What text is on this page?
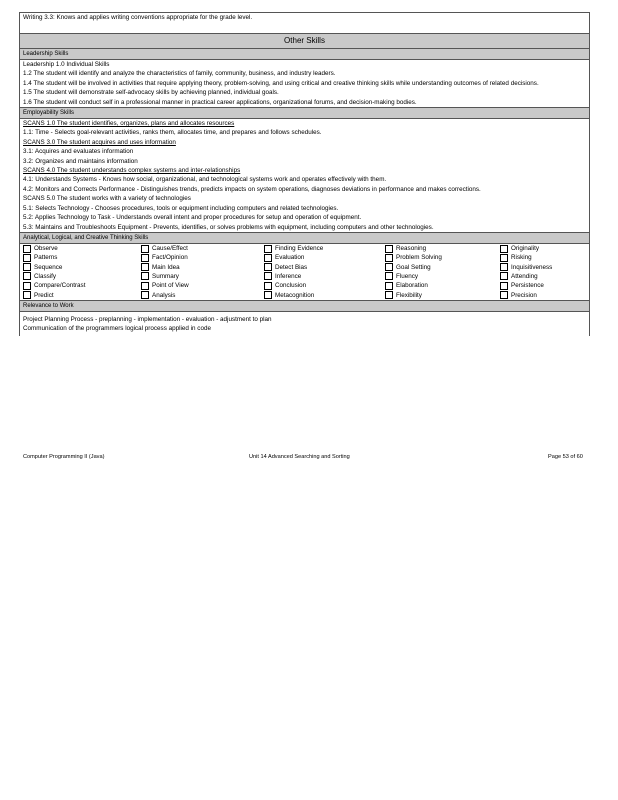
Writing 3.3: Knows and applies writing conventions appropriate for the grade level.
Other Skills
Leadership Skills
Leadership 1.0 Individual Skills
1.2 The student will identify and analyze the characteristics of family, community, business, and industry leaders.
1.4 The student will be involved in activities that require applying theory, problem-solving, and using critical and creative thinking skills while understanding outcomes of related decisions.
1.5 The student will demonstrate self-advocacy skills by achieving planned, individual goals.
1.6 The student will conduct self in a professional manner in practical career applications, organizational forums, and decision-making bodies.
Employability Skills
SCANS 1.0 The student identifies, organizes, plans and allocates resources
1.1: Time - Selects goal-relevant activities, ranks them, allocates time, and prepares and follows schedules.
SCANS 3.0 The student acquires and uses information
3.1: Acquires and evaluates information
3.2: Organizes and maintains information
SCANS 4.0 The student understands complex systems and inter-relationships
4.1: Understands Systems - Knows how social, organizational, and technological systems work and operates effectively with them.
4.2: Monitors and Corrects Performance - Distinguishes trends, predicts impacts on system operations, diagnoses deviations in performance and makes corrections.
SCANS 5.0 The student works with a variety of technologies
5.1: Selects Technology - Chooses procedures, tools or equipment including computers and related technologies.
5.2: Applies Technology to Task - Understands overall intent and proper procedures for setup and operation of equipment.
5.3: Maintains and Troubleshoots Equipment - Prevents, identifies, or solves problems with equipment, including computers and other technologies.
Analytical, Logical, and Creative Thinking Skills
Observe
Patterns
Sequence
Classify
Compare/Contrast
Predict
Cause/Effect
Fact/Opinion
Main Idea
Summary
Point of View
Analysis
Finding Evidence
Evaluation
Detect Bias
Inference
Conclusion
Metacognition
Reasoning
Problem Solving
Goal Setting
Fluency
Elaboration
Flexibility
Originality
Risking
Inquisitiveness
Attending
Persistence
Precision
Relevance to Work
Project Planning Process - preplanning - implementation - evaluation - adjustment to plan
Communication of the programmers logical process applied in code
Computer Programming II (Java)	Unit 14 Advanced Searching and Sorting	Page 53 of 60
